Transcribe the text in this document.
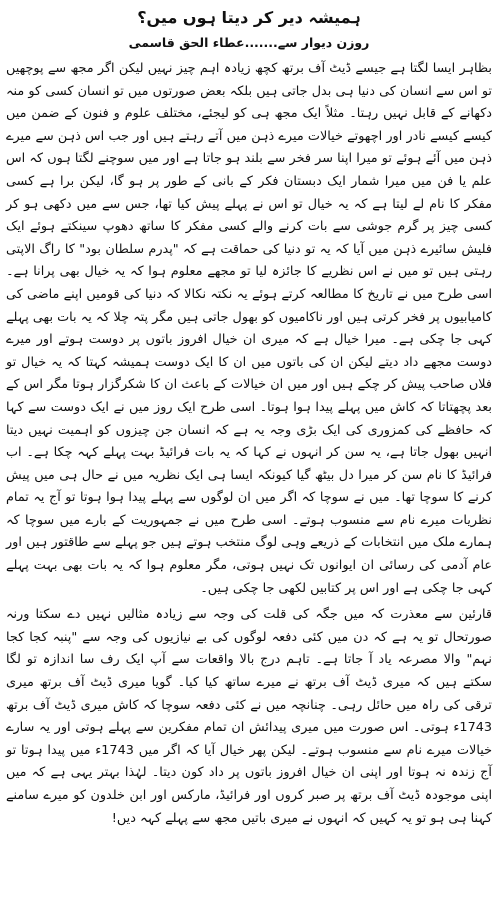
ہمیشہ دیر کر دیتا ہوں میں؟
روزن دیوار سے.......عطاء الحق قاسمی

بظاہر ایسا لگتا ہے جیسے ڈیٹ آف برتھ کچھ زیادہ اہم چیز نہیں لیکن اگر مجھ سے پوچھیں تو اس سے انسان کی دنیا ہی بدل جاتی ہیں بلکہ بعض صورتوں میں تو انسان کسی کو منہ دکھانے کے قابل نہیں رہتا۔ مثلاً ایک مجھ ہی کو لیجئے، مختلف علوم و فنون کے ضمن میں کیسے کیسے نادر اور اچھوتے خیالات میرے ذہن میں آتے رہتے ہیں اور جب اس ذہن سے میرے ذہن میں آئے ہوئے تو میرا اپنا سر فخر سے بلند ہو جاتا ہے اور میں سوچنے لگتا ہوں کہ اس علم یا فن میں میرا شمار ایک دبستان فکر کے بانی کے طور پر ہو گا، لیکن برا ہے کسی مفکر کا نام لے لیتا ہے کہ یہ خیال تو اس نے پہلے پیش کیا تھا، جس سے میں دکھی ہو کر کسی چیز پر گرم جوشی سے بات کرنے والے کسی مفکر کا ساتھ دھوپ سینکتے ہوئے ایک فلیش سائیرے ذہن میں آیا کہ یہ تو دنیا کی حماقت ہے کہ "پدرم سلطان بود" کا راگ الاپتی رہتی ہیں تو میں نے اس نظریے کا جائزہ لیا تو مجھے معلوم ہوا کہ یہ خیال بھی پرانا ہے۔ اسی طرح میں نے تاریخ کا مطالعہ کرتے ہوئے یہ نکتہ نکالا کہ دنیا کی قومیں اپنے ماضی کی کامیابیوں پر فخر کرتی ہیں اور ناکامیوں کو بھول جاتی ہیں مگر پتہ چلا کہ یہ بات بھی پہلے کہی جا چکی ہے۔ میرا خیال ہے کہ میری ان خیال افروز باتوں پر دوست ہوتے اور میرے دوست مجھے داد دیتے لیکن ان کی باتوں میں ان کا ایک دوست ہمیشہ کہتا کہ یہ خیال تو فلاں صاحب پیش کر چکے ہیں اور میں ان خیالات کے باعث ان کا شکرگزار ہوتا مگر اس کے بعد پچھتاتا کہ کاش میں پہلے پیدا ہوا ہوتا۔ اسی طرح ایک روز میں نے ایک دوست سے کہا کہ حافظے کی کمزوری کی ایک بڑی وجہ یہ ہے کہ انسان جن چیزوں کو اہمیت نہیں دیتا انہیں بھول جاتا ہے، یہ سن کر انہوں نے کہا کہ یہ بات فرائیڈ بہت پہلے کہہ چکا ہے۔ اب فرائیڈ کا نام سن کر میرا دل بیٹھ گیا کیونکہ ایسا ہی ایک نظریہ میں نے حال ہی میں پیش کرنے کا سوچا تھا۔ میں نے سوچا کہ اگر میں ان لوگوں سے پہلے پیدا ہوا ہوتا تو آج یہ تمام نظریات میرے نام سے منسوب ہوتے۔ اسی طرح میں نے جمہوریت کے بارے میں سوچا کہ ہمارے ملک میں انتخابات کے ذریعے وہی لوگ منتخب ہوتے ہیں جو پہلے سے طاقتور ہیں اور عام آدمی کی رسائی ان ایوانوں تک نہیں ہوتی، مگر معلوم ہوا کہ یہ بات بھی بہت پہلے کہی جا چکی ہے اور اس پر کتابیں لکھی جا چکی ہیں۔

قارئین سے معذرت کہ میں جگہ کی قلت کی وجہ سے زیادہ مثالیں نہیں دے سکتا ورنہ صورتحال تو یہ ہے کہ دن میں کئی دفعہ لوگوں کی بے نیازیوں کی وجہ سے "پنبہ کجا کجا نہم" والا مصرعہ یاد آ جاتا ہے۔ تاہم درج بالا واقعات سے آپ ایک رف سا اندازہ تو لگا سکتے ہیں کہ میری ڈیٹ آف برتھ نے میرے ساتھ کیا کیا۔ گویا میری ڈیٹ آف برتھ میری ترقی کی راہ میں حائل رہی۔ چنانچہ میں نے کئی دفعہ سوچا کہ کاش میری ڈیٹ آف برتھ 1743ء ہوتی۔ اس صورت میں میری پیدائش ان تمام مفکرین سے پہلے ہوتی اور یہ سارے خیالات میرے نام سے منسوب ہوتے۔ لیکن پھر خیال آیا کہ اگر میں 1743ء میں پیدا ہوتا تو آج زندہ نہ ہوتا اور اپنی ان خیال افروز باتوں پر داد کون دیتا۔ لہٰذا بہتر یہی ہے کہ میں اپنی موجودہ ڈیٹ آف برتھ پر صبر کروں اور فرائیڈ، مارکس اور ابن خلدون کو میرے سامنے کہنا ہی ہو تو یہ کہیں کہ انہوں نے میری باتیں مجھ سے پہلے کہہ دیں!
